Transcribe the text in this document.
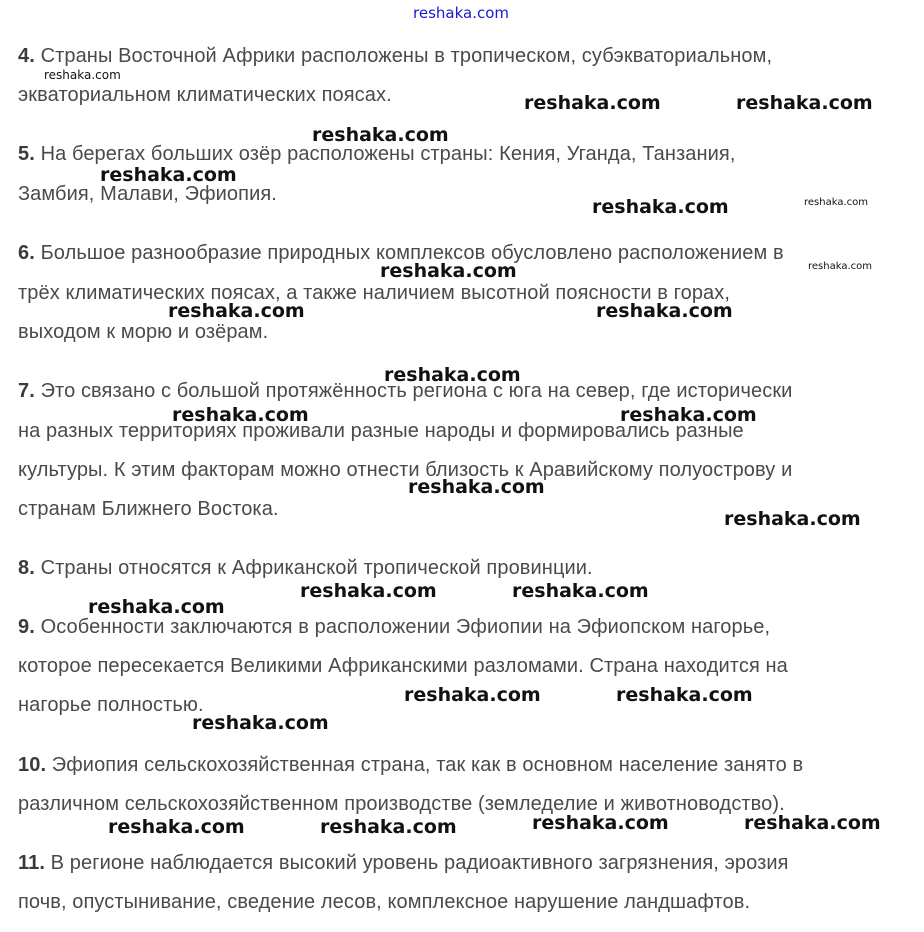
reshaka.com
4. Страны Восточной Африки расположены в тропическом, субэкваториальном,
экваториальном климатических поясах.
5. На берегах больших озёр расположены страны: Кения, Уганда, Танзания,
Замбия, Малави, Эфиопия.
6. Большое разнообразие природных комплексов обусловлено расположением в
трёх климатических поясах, а также наличием высотной поясности в горах,
выходом к морю и озёрам.
7. Это связано с большой протяжённость региона с юга на север, где исторически
на разных территориях проживали разные народы и формировались разные
культуры. К этим факторам можно отнести близость к Аравийскому полуострову и
странам Ближнего Востока.
8. Страны относятся к Африканской тропической провинции.
9. Особенности заключаются в расположении Эфиопии на Эфиопском нагорье,
которое пересекается Великими Африканскими разломами. Страна находится на
нагорье полностью.
10. Эфиопия сельскохозяйственная страна, так как в основном население занято в
различном сельскохозяйственном производстве (земледелие и животноводство).
11. В регионе наблюдается высокий уровень радиоактивного загрязнения, эрозия
почв, опустынивание, сведение лесов, комплексное нарушение ландшафтов.
reshaka.com
reshaka.com	reshaka.com
reshaka.com
reshaka.com
reshaka.com	reshaka.com
reshaka.com	reshaka.com
reshaka.com	reshaka.com
reshaka.com
reshaka.com	reshaka.com
reshaka.com
reshaka.com
reshaka.com	reshaka.com
reshaka.com
reshaka.com	reshaka.com
reshaka.com
reshaka.com	reshaka.com
reshaka.com	reshaka.com
